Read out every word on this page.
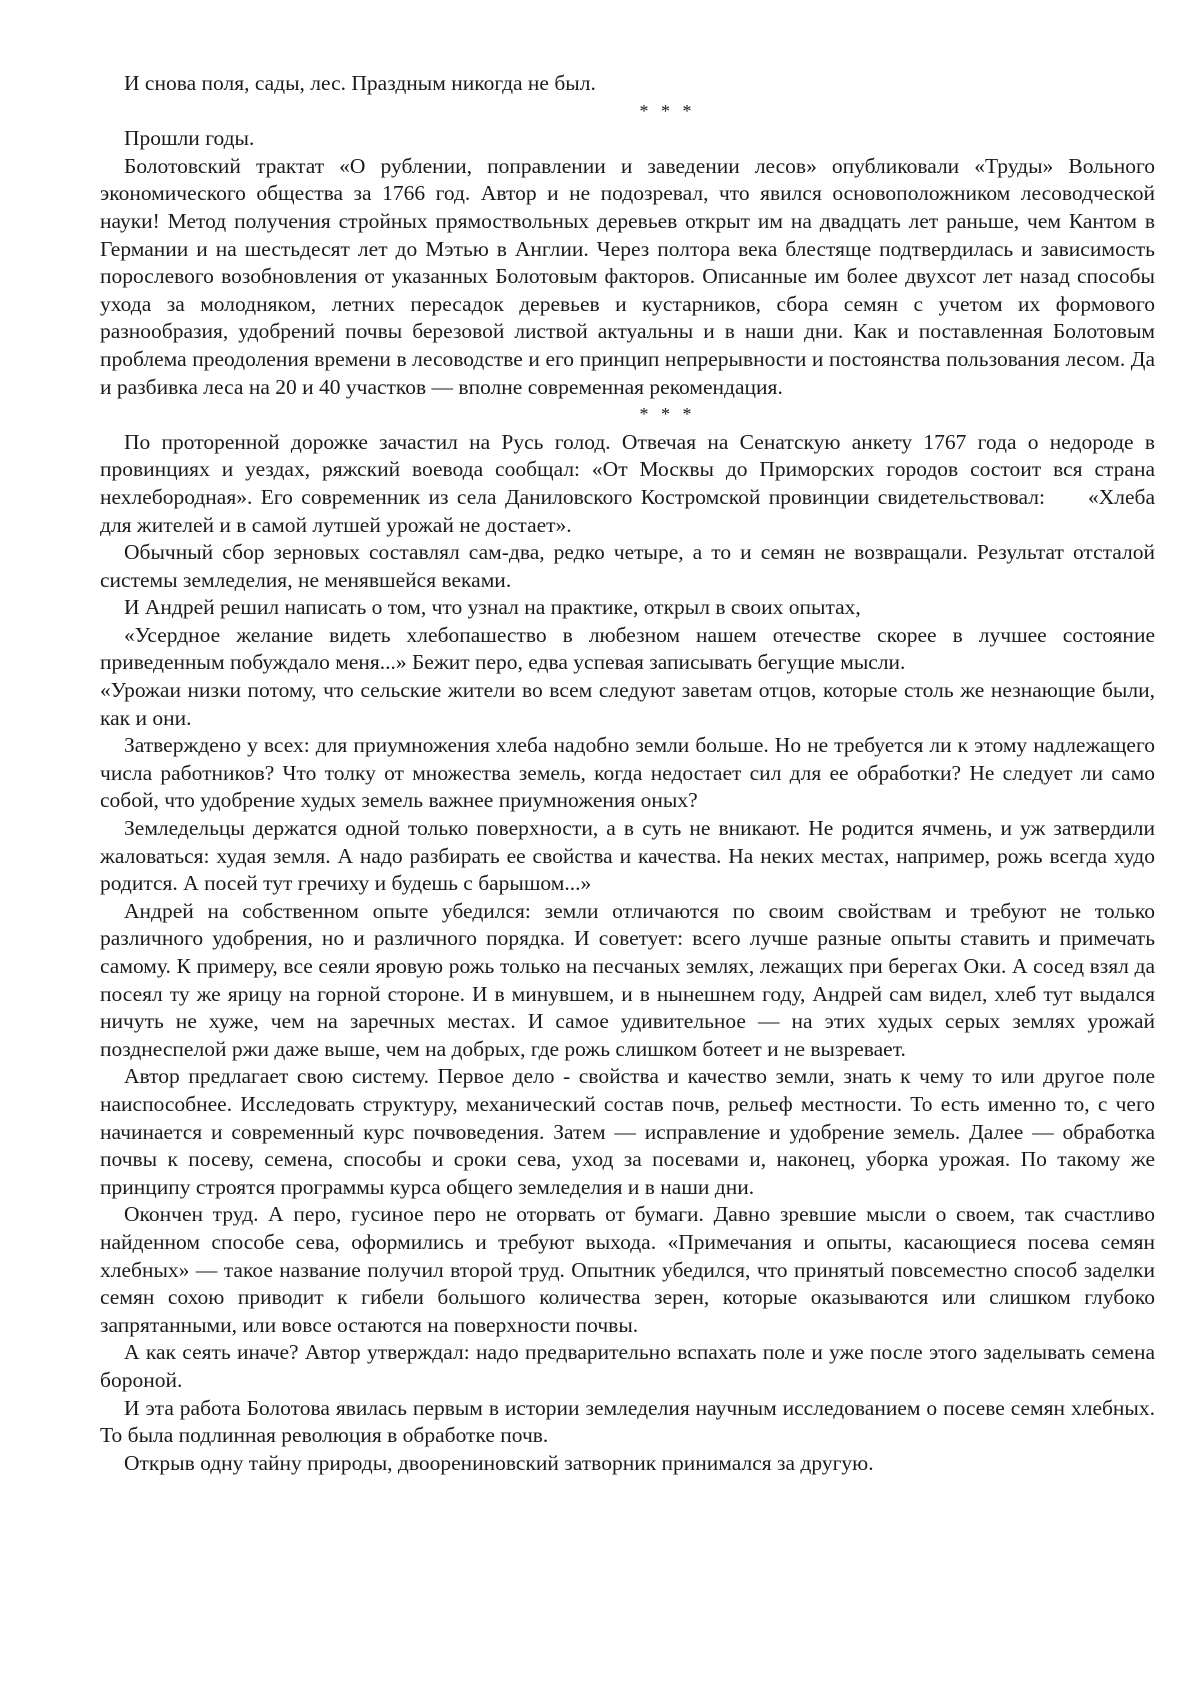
И снова поля, сады, лес. Праздным никогда не был.

* * *

Прошли годы.

Болотовский трактат «О рублении, поправлении и заведении лесов» опубликовали «Труды» Вольного экономического общества за 1766 год. Автор и не подозревал, что явился основоположником лесоводческой науки! Метод получения стройных прямоствольных деревьев открыт им на двадцать лет раньше, чем Кантом в Германии и на шестьдесят лет до Мэтью в Англии. Через полтора века блестяще подтвердилась и зависимость порослевого возобновления от указанных Болотовым факторов. Описанные им более двухсот лет назад способы ухода за молодняком, летних пересадок деревьев и кустарников, сбора семян с учетом их формового разнообразия, удобрений почвы березовой листвой актуальны и в наши дни. Как и поставленная Болотовым проблема преодоления времени в лесоводстве и его принцип непрерывности и постоянства пользования лесом. Да и разбивка леса на 20 и 40 участков — вполне современная рекомендация.

* * *

По проторенной дорожке зачастил на Русь голод. Отвечая на Сенатскую анкету 1767 года о недороде в провинциях и уездах, ряжский воевода сообщал: «От Москвы до Приморских городов состоит вся страна нехлебородная». Его современник из села Даниловского Костромской провинции свидетельствовал:  «Хлеба для жителей и в самой лутшей урожай не достает».

Обычный сбор зерновых составлял сам-два, редко четыре, а то и семян не возвращали. Результат отсталой системы земледелия, не менявшейся веками.

И Андрей решил написать о том, что узнал на практике, открыл в своих опытах,

«Усердное желание видеть хлебопашество в любезном нашем отечестве скорее в лучшее состояние приведенным побуждало меня...» Бежит перо, едва успевая записывать бегущие мысли.

«Урожаи низки потому, что сельские жители во всем следуют заветам отцов, которые столь же незнающие были, как и они.

Затверждено у всех: для приумножения хлеба надобно земли больше. Но не требуется ли к этому надлежащего числа работников? Что толку от множества земель, когда недостает сил для ее обработки? Не следует ли само собой, что удобрение худых земель важнее приумножения оных?

Земледельцы держатся одной только поверхности, а в суть не вникают. Не родится ячмень, и уж затвердили жаловаться: худая земля. А надо разбирать ее свойства и качества. На неких местах, например, рожь всегда худо родится. А посей тут гречиху и будешь с барышом...»

Андрей на собственном опыте убедился: земли отличаются по своим свойствам и требуют не только различного удобрения, но и различного порядка. И советует: всего лучше разные опыты ставить и примечать самому. К примеру, все сеяли яровую рожь только на песчаных землях, лежащих при берегах Оки. А сосед взял да посеял ту же ярицу на горной стороне. И в минувшем, и в нынешнем году, Андрей сам видел, хлеб тут выдался ничуть не хуже, чем на заречных местах. И самое удивительное — на этих худых серых землях урожай позднеспелой ржи даже выше, чем на добрых, где рожь слишком ботеет и не вызревает.

Автор предлагает свою систему. Первое дело - свойства и качество земли, знать к чему то или другое поле наиспособнее. Исследовать структуру, механический состав почв, рельеф местности. То есть именно то, с чего начинается и современный курс почвоведения. Затем — исправление и удобрение земель. Далее — обработка почвы к посеву, семена, способы и сроки сева, уход за посевами и, наконец, уборка урожая. По такому же принципу строятся программы курса общего земледелия и в наши дни.

Окончен труд. А перо, гусиное перо не оторвать от бумаги. Давно зревшие мысли о своем, так счастливо найденном способе сева, оформились и требуют выхода. «Примечания и опыты, касающиеся посева семян хлебных» — такое название получил второй труд. Опытник убедился, что принятый повсеместно способ заделки семян сохою приводит к гибели большого количества зерен, которые оказываются или слишком глубоко запрятанными, или вовсе остаются на поверхности почвы.

А как сеять иначе? Автор утверждал: надо предварительно вспахать поле и уже после этого заделывать семена бороной.

И эта работа Болотова явилась первым в истории земледелия научным исследованием о посеве семян хлебных. То была подлинная революция в обработке почв.

Открыв одну тайну природы, двоорениновский затворник принимался за другую.
